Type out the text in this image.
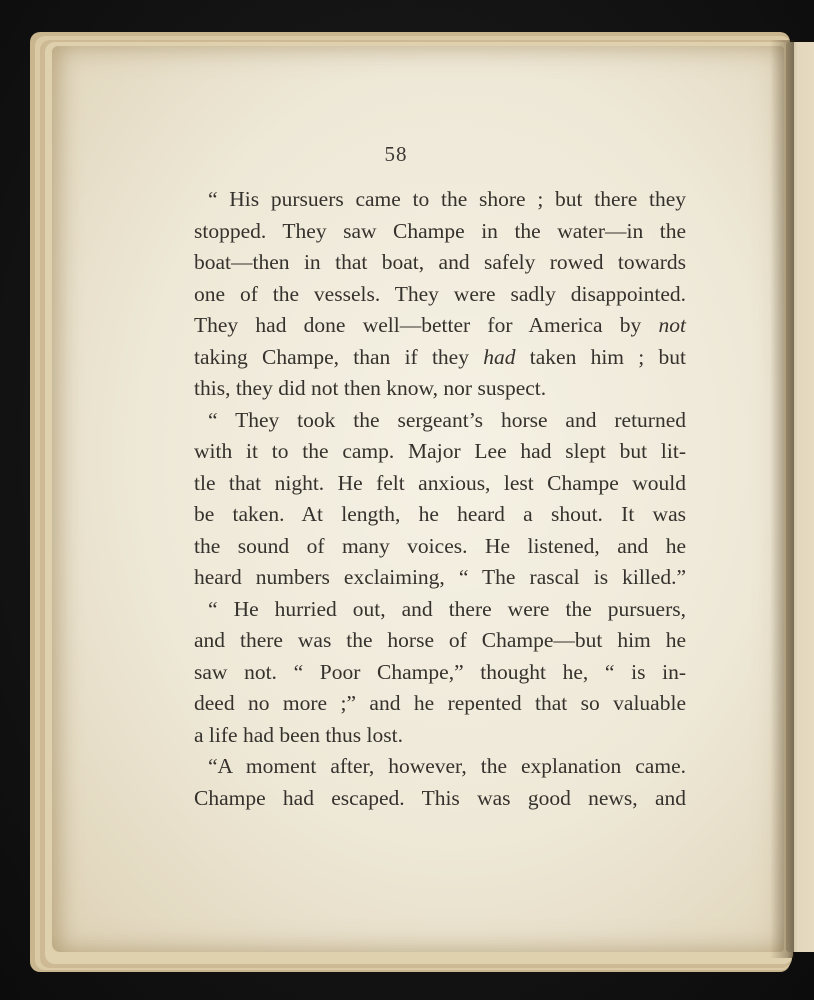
58
“ His pursuers came to the shore ; but there they
stopped. They saw Champe in the water—in the
boat—then in that boat, and safely rowed towards
one of the vessels. They were sadly disappointed.
They had done well—better for America by not
taking Champe, than if they had taken him ; but
this, they did not then know, nor suspect.
“ They took the sergeant’s horse and returned
with it to the camp. Major Lee had slept but lit-
tle that night. He felt anxious, lest Champe would
be taken. At length, he heard a shout. It was
the sound of many voices. He listened, and he
heard numbers exclaiming, “ The rascal is killed.”
“ He hurried out, and there were the pursuers,
and there was the horse of Champe—but him he
saw not. “ Poor Champe,” thought he, “ is in-
deed no more ;” and he repented that so valuable
a life had been thus lost.
“A moment after, however, the explanation came.
Champe had escaped. This was good news, and
